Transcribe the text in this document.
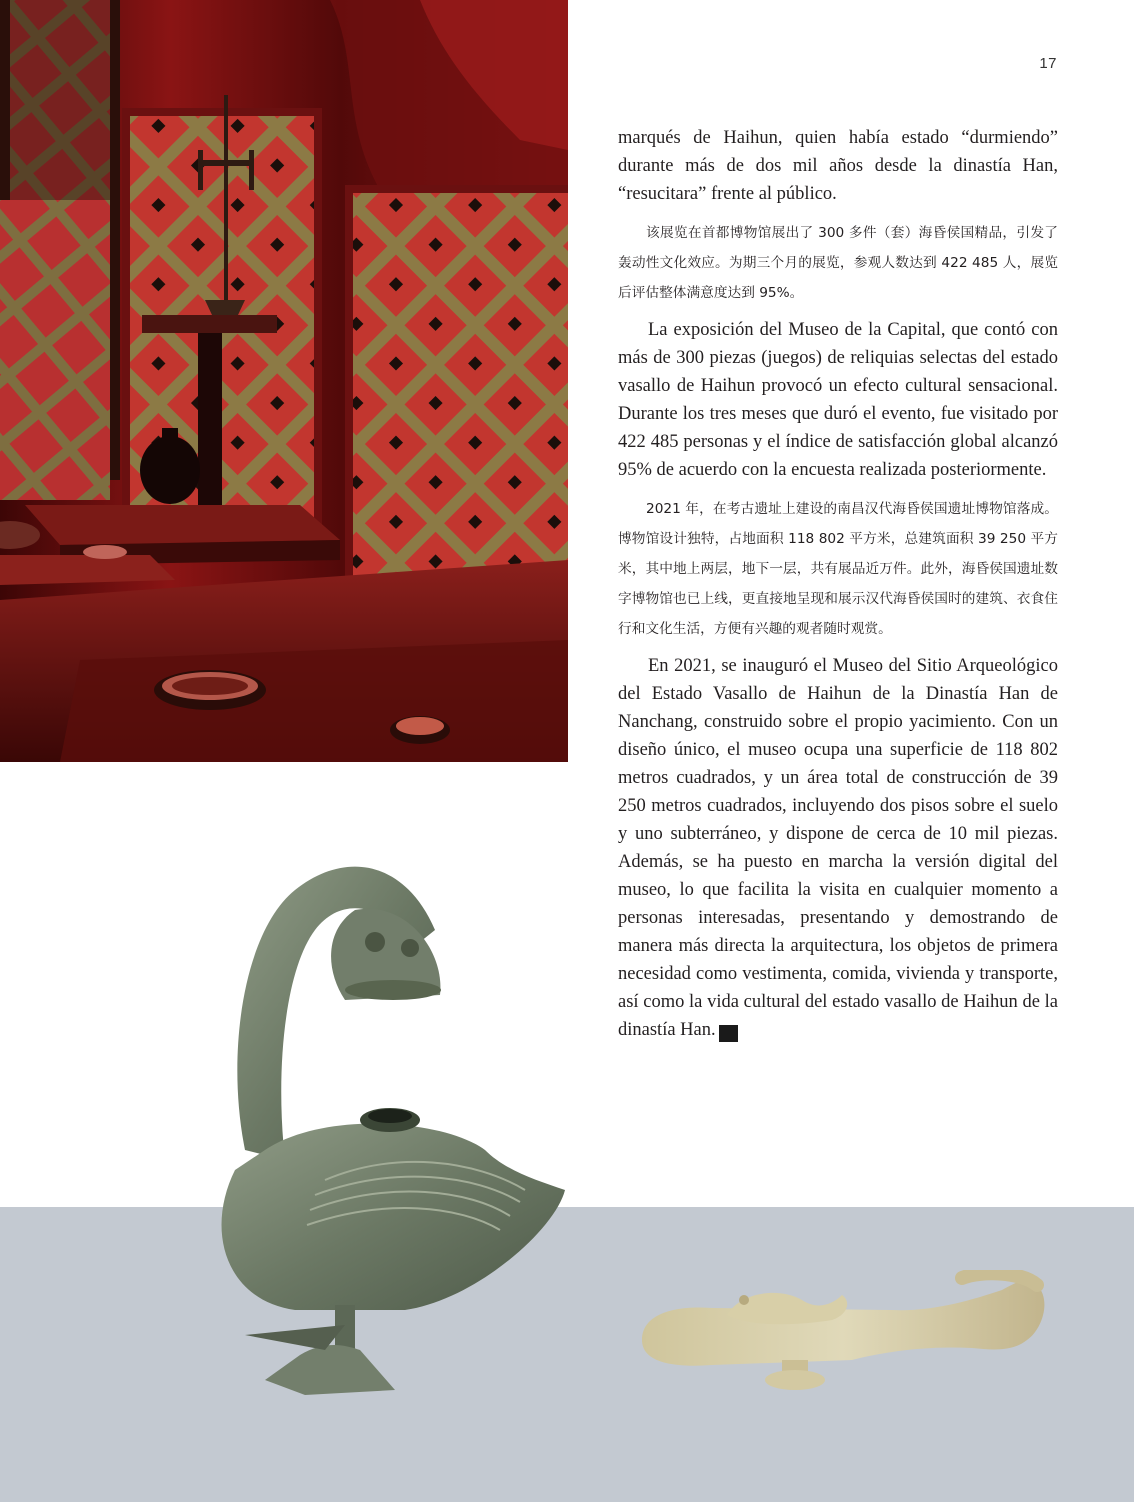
17

marqués de Haihun, quien había estado “durmiendo” durante más de dos mil años desde la dinastía Han, “resucitara” frente al público.

该展览在首都博物馆展出了 300 多件（套）海昏侯国精品，引发了轰动性文化效应。为期三个月的展览，参观人数达到 422 485 人，展览后评估整体满意度达到 95%。

La exposición del Museo de la Capital, que contó con más de 300 piezas (juegos) de reliquias selectas del estado vasallo de Haihun provocó un efecto cultural sensacional. Durante los tres meses que duró el evento, fue visitado por 422 485 personas y el índice de satisfacción global alcanzó 95% de acuerdo con la encuesta realizada posteriormente.

2021 年，在考古遗址上建设的南昌汉代海昏侯国遗址博物馆落成。博物馆设计独特，占地面积 118 802 平方米，总建筑面积 39 250 平方米，其中地上两层，地下一层，共有展品近万件。此外，海昏侯国遗址数字博物馆也已上线，更直接地呈现和展示汉代海昏侯国时的建筑、衣食住行和文化生活，方便有兴趣的观者随时观赏。

En 2021, se inauguró el Museo del Sitio Arqueológico del Estado Vasallo de Haihun de la Dinastía Han de Nanchang, construido sobre el propio yacimiento. Con un diseño único, el museo ocupa una superficie de 118 802 metros cuadrados, y un área total de construcción de 39 250 metros cuadrados, incluyendo dos pisos sobre el suelo y uno subterráneo, y dispone de cerca de 10 mil piezas. Además, se ha puesto en marcha la versión digital del museo, lo que facilita la visita en cualquier momento a personas interesadas, presentando y demostrando de manera más directa la arquitectura, los objetos de primera necesidad como vestimenta, comida, vivienda y transporte, así como la vida cultural del estado vasallo de Haihun de la dinastía Han.	ռ
